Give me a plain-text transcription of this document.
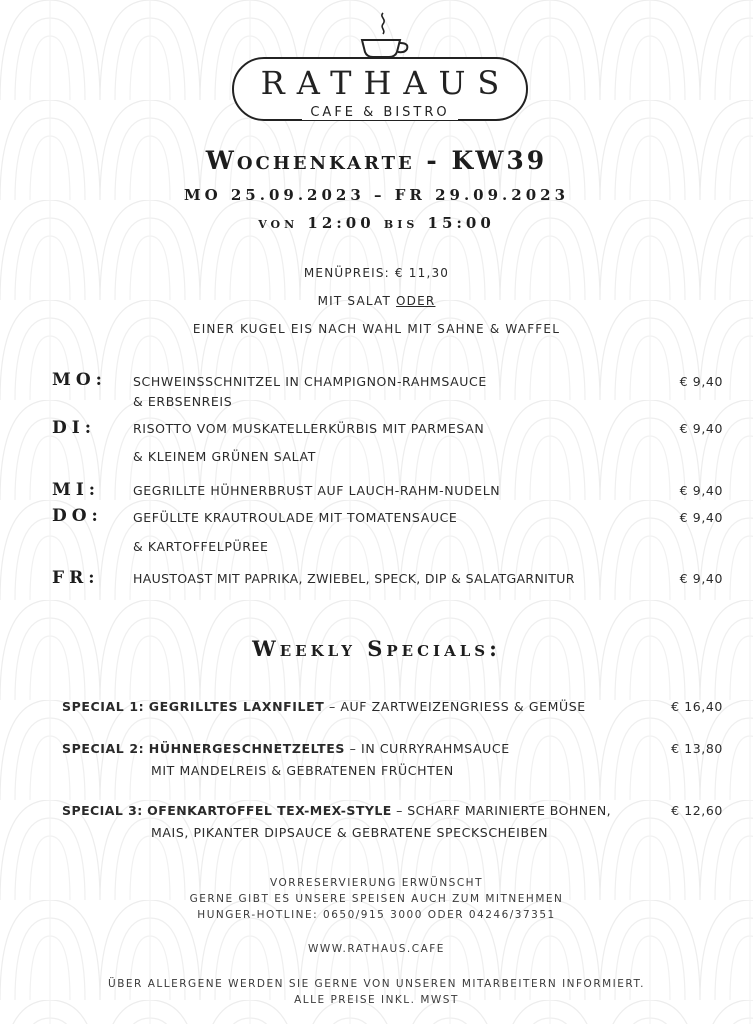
RATHAUS
CAFE & BISTRO
Wochenkarte - KW39
MO 25.09.2023 – FR 29.09.2023
von 12:00 bis 15:00
MENÜPREIS: € 11,30
MIT SALAT ODER
EINER KUGEL EIS NACH WAHL MIT SAHNE & WAFFEL
MO: SCHWEINSSCHNITZEL IN CHAMPIGNON-RAHMSAUCE
& ERBSENREIS
€ 9,40
DI:	RISOTTO VOM MUSKATELLERKÜRBIS MIT PARMESAN
& KLEINEM GRÜNEN SALAT
€ 9,40
MI:	GEGRILLTE HÜHNERBRUST AUF LAUCH-RAHM-NUDELN	€ 9,40
DO: GEFÜLLTE KRAUTROULADE MIT TOMATENSAUCE
& KARTOFFELPÜREE
€ 9,40
FR:	HAUSTOAST MIT PAPRIKA, ZWIEBEL, SPECK, DIP & SALATGARNITUR	€ 9,40
Weekly Specials:
SPECIAL 1: GEGRILLTES LAXNFILET – AUF ZARTWEIZENGRIESS & GEMÜSE	€ 16,40
SPECIAL 2: HÜHNERGESCHNETZELTES – IN CURRYRAHMSAUCE
MIT MANDELREIS & GEBRATENEN FRÜCHTEN
€ 13,80
SPECIAL 3: OFENKARTOFFEL TEX-MEX-STYLE – SCHARF MARINIERTE BOHNEN,
MAIS, PIKANTER DIPSAUCE & GEBRATENE SPECKSCHEIBEN
€ 12,60
VORRESERVIERUNG ERWÜNSCHT
GERNE GIBT ES UNSERE SPEISEN AUCH ZUM MITNEHMEN
HUNGER-HOTLINE: 0650/915 3000 ODER 04246/37351
WWW.RATHAUS.CAFE
ÜBER ALLERGENE WERDEN SIE GERNE VON UNSEREN MITARBEITERN INFORMIERT.
ALLE PREISE INKL. MWST
